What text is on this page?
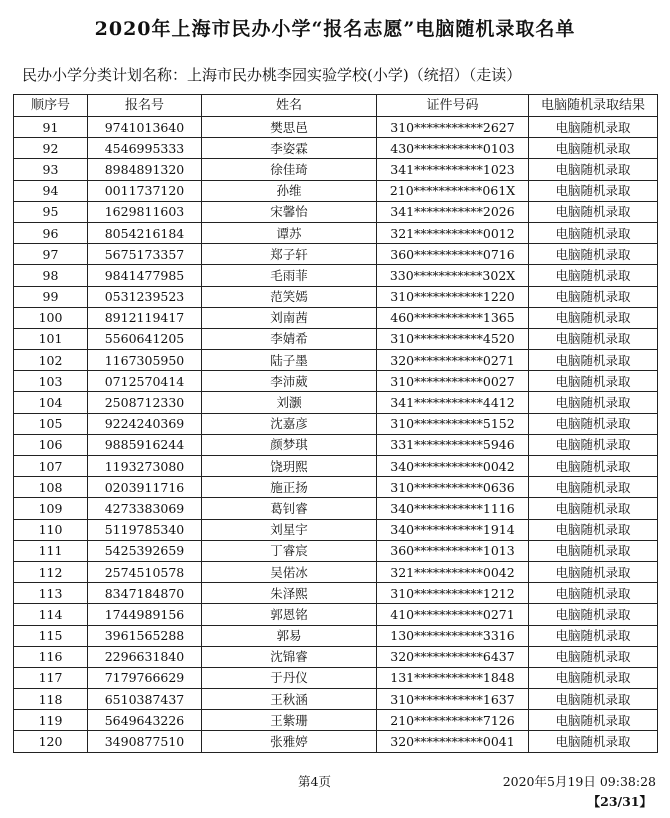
2020年上海市民办小学“报名志愿”电脑随机录取名单
民办小学分类计划名称：上海市民办桃李园实验学校(小学)（统招）（走读）
顺序号	报名号	姓名	证件号码	电脑随机录取结果
91	9741013640	樊思邑	310***********2627	电脑随机录取
92	4546995333	李姿霖	430***********0103	电脑随机录取
93	8984891320	徐佳琦	341***********1023	电脑随机录取
94	0011737120	孙维	210***********061X	电脑随机录取
95	1629811603	宋馨怡	341***********2026	电脑随机录取
96	8054216184	谭苏	321***********0012	电脑随机录取
97	5675173357	郑子轩	360***********0716	电脑随机录取
98	9841477985	毛雨菲	330***********302X	电脑随机录取
99	0531239523	范笑嫣	310***********1220	电脑随机录取
100	8912119417	刘南茜	460***********1365	电脑随机录取
101	5560641205	李婧希	310***********4520	电脑随机录取
102	1167305950	陆子墨	320***********0271	电脑随机录取
103	0712570414	李沛葳	310***********0027	电脑随机录取
104	2508712330	刘灏	341***********4412	电脑随机录取
105	9224240369	沈嘉彦	310***********5152	电脑随机录取
106	9885916244	颜梦琪	331***********5946	电脑随机录取
107	1193273080	饶玥熙	340***********0042	电脑随机录取
108	0203911716	施正扬	310***********0636	电脑随机录取
109	4273383069	葛钊睿	340***********1116	电脑随机录取
110	5119785340	刘星宇	340***********1914	电脑随机录取
111	5425392659	丁睿宸	360***********1013	电脑随机录取
112	2574510578	吴偌冰	321***********0042	电脑随机录取
113	8347184870	朱泽熙	310***********1212	电脑随机录取
114	1744989156	郭恩铭	410***********0271	电脑随机录取
115	3961565288	郭易	130***********3316	电脑随机录取
116	2296631840	沈锦睿	320***********6437	电脑随机录取
117	7179766629	于丹仪	131***********1848	电脑随机录取
118	6510387437	王秋涵	310***********1637	电脑随机录取
119	5649643226	王紫珊	210***********7126	电脑随机录取
120	3490877510	张雅婷	320***********0041	电脑随机录取
第4页	2020年5月19日 09:38:28
【23/31】
